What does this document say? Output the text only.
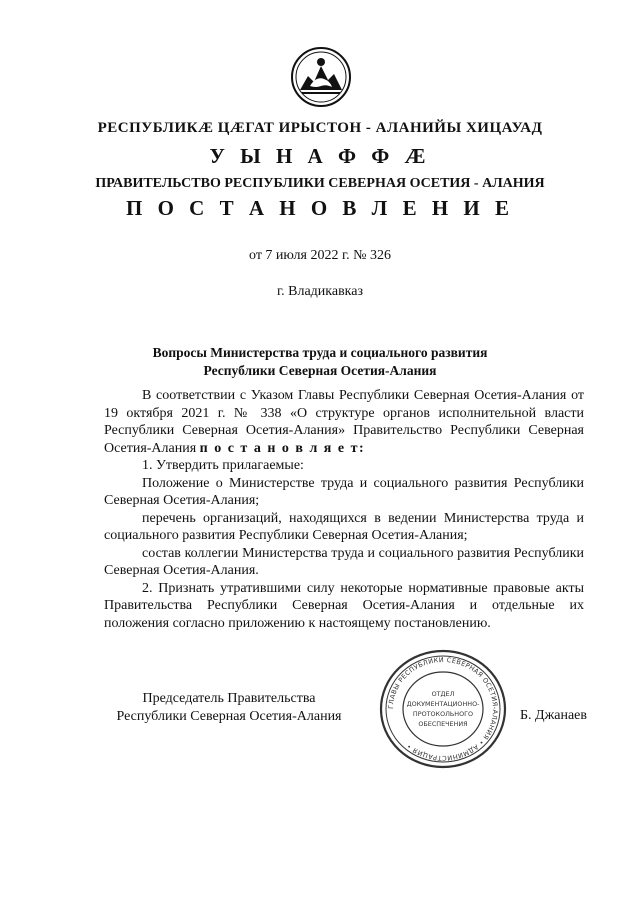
РЕСПУБЛИКÆ ЦÆГАТ ИРЫСТОН - АЛАНИЙЫ ХИЦАУАД
У Ы Н А Ф Ф Æ
ПРАВИТЕЛЬСТВО РЕСПУБЛИКИ СЕВЕРНАЯ ОСЕТИЯ - АЛАНИЯ
П О С Т А Н О В Л Е Н И Е
от 7 июля 2022 г. № 326
г. Владикавказ
Вопросы Министерства труда и социального развития
Республики Северная Осетия-Алания

В соответствии с Указом Главы Республики Северная Осетия-Алания от 19 октября 2021 г. № 338 «О структуре органов исполнительной власти Республики Северная Осетия-Алания» Правительство Республики Северная Осетия-Алания п о с т а н о в л я е т:

1. Утвердить прилагаемые:

Положение о Министерстве труда и социального развития Республики Северная Осетия-Алания;

перечень организаций, находящихся в ведении Министерства труда и социального развития Республики Северная Осетия-Алания;

состав коллегии Министерства труда и социального развития Республики Северная Осетия-Алания.

2. Признать утратившими силу некоторые нормативные правовые акты Правительства Республики Северная Осетия-Алания и отдельные их положения согласно приложению к настоящему постановлению.

Председатель Правительства
Республики Северная Осетия-Алания
ГЛАВЫ РЕСПУБЛИКИ СЕВЕРНАЯ ОСЕТИЯ-АЛАНИЯ • АДМИНИСТРАЦИЯ •
ОТДЕЛ
ДОКУМЕНТАЦИОННО-
ПРОТОКОЛЬНОГО
ОБЕСПЕЧЕНИЯ
Б. Джанаев
